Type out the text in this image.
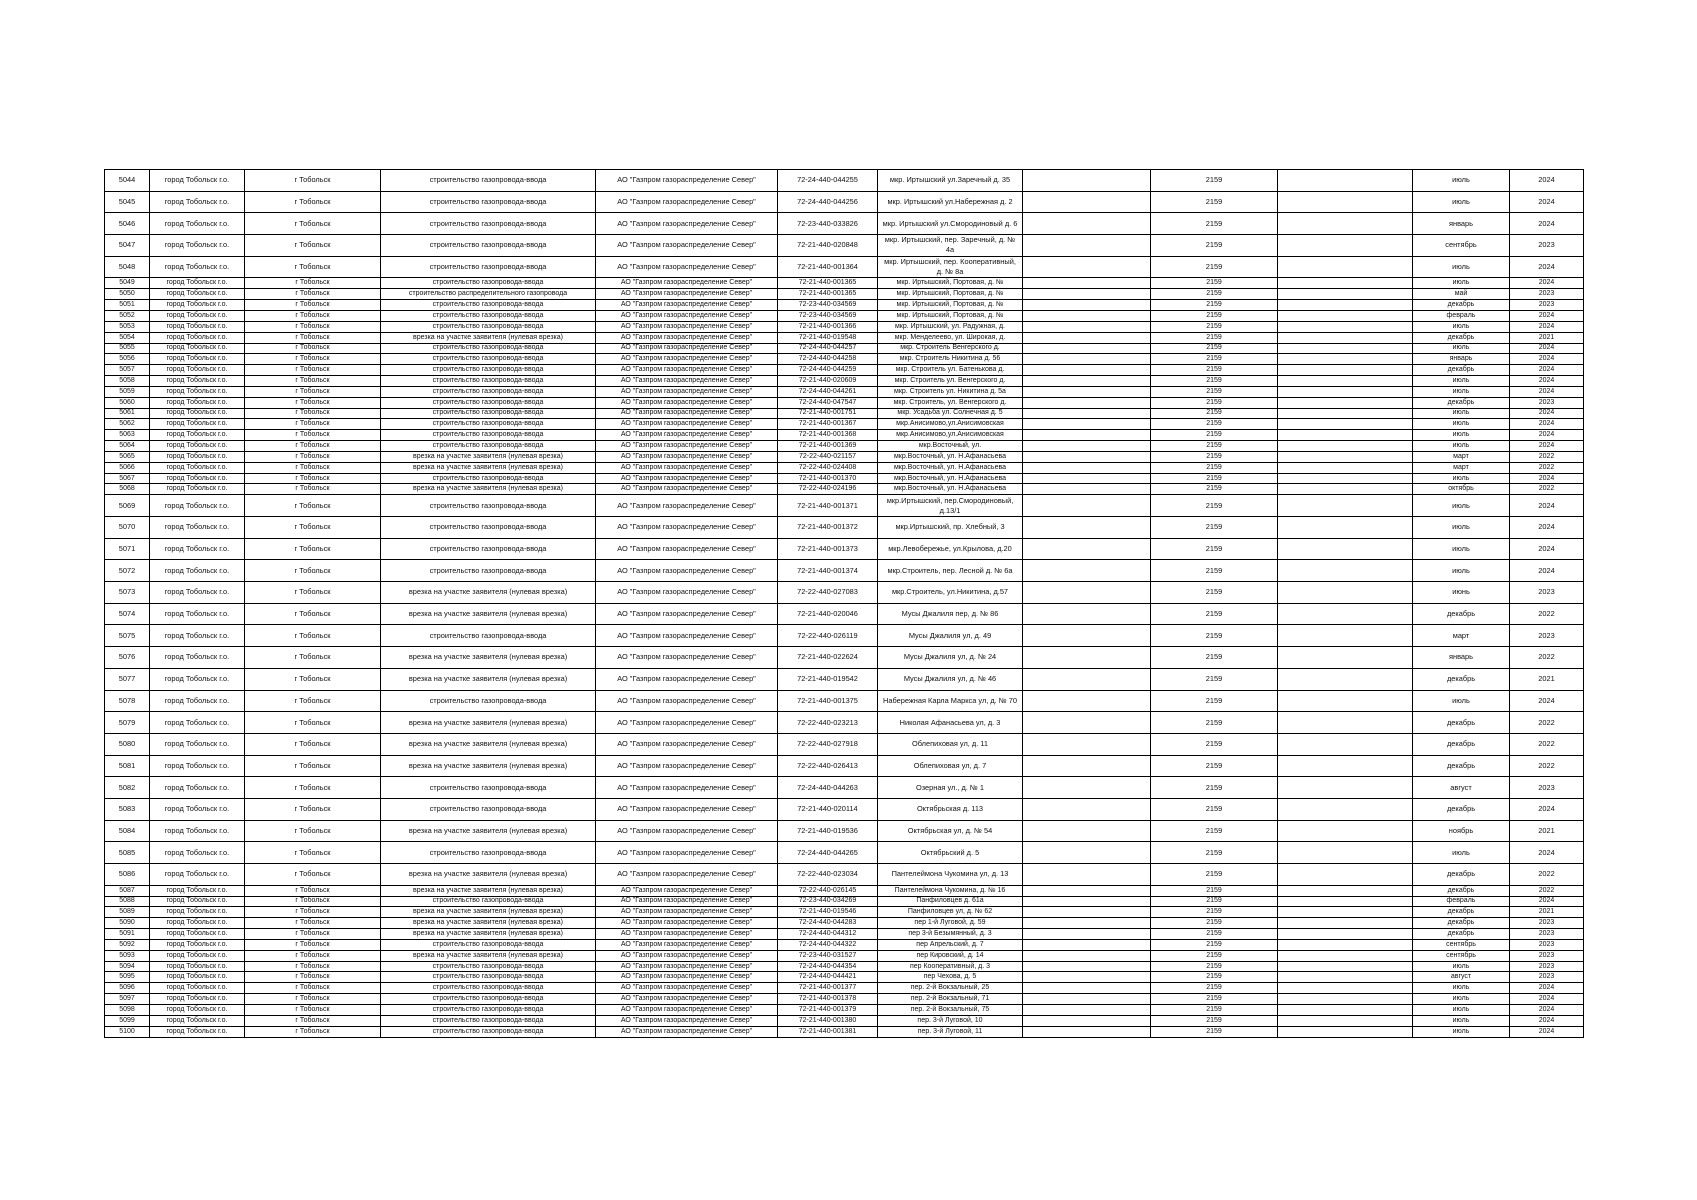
5044	город Тобольск г.о.	г Тобольск	строительство газопровода-ввода	АО "Газпром газораспределение Север"	72-24-440-044255	мкр. Иртышский ул.Заречный д. 35		2159		июль	2024
5045	город Тобольск г.о.	г Тобольск	строительство газопровода-ввода	АО "Газпром газораспределение Север"	72-24-440-044256	мкр. Иртышский ул.Набережная д. 2		2159		июль	2024
5046	город Тобольск г.о.	г Тобольск	строительство газопровода-ввода	АО "Газпром газораспределение Север"	72-23-440-033826	мкр. Иртышский ул.Смородиновый д. 6		2159		январь	2024
5047	город Тобольск г.о.	г Тобольск	строительство газопровода-ввода	АО "Газпром газораспределение Север"	72-21-440-020848	мкр. Иртышский, пер. Заречный, д. № 4а		2159		сентябрь	2023
5048	город Тобольск г.о.	г Тобольск	строительство газопровода-ввода	АО "Газпром газораспределение Север"	72-21-440-001364	мкр. Иртышский, пер. Кооперативный, д. № 8а		2159		июль	2024
5049	город Тобольск г.о.	г Тобольск	строительство газопровода-ввода	АО "Газпром газораспределение Север"	72-21-440-001365	мкр. Иртышский, Портовая, д. №		2159		июль	2024
5050	город Тобольск г.о.	г Тобольск	строительство распределительного газопровода	АО "Газпром газораспределение Север"	72-21-440-001365	мкр. Иртышский, Портовая, д. №		2159		май	2023
5051	город Тобольск г.о.	г Тобольск	строительство газопровода-ввода	АО "Газпром газораспределение Север"	72-23-440-034569	мкр. Иртышский, Портовая, д. №		2159		декабрь	2023
5052	город Тобольск г.о.	г Тобольск	строительство газопровода-ввода	АО "Газпром газораспределение Север"	72-23-440-034569	мкр. Иртышский, Портовая, д. №		2159		февраль	2024
5053	город Тобольск г.о.	г Тобольск	строительство газопровода-ввода	АО "Газпром газораспределение Север"	72-21-440-001366	мкр. Иртышский, ул. Радужная, д.		2159		июль	2024
5054	город Тобольск г.о.	г Тобольск	врезка на участке заявителя (нулевая врезка)	АО "Газпром газораспределение Север"	72-21-440-019548	мкр. Менделеево, ул. Широкая, д.		2159		декабрь	2021
5055	город Тобольск г.о.	г Тобольск	строительство газопровода-ввода	АО "Газпром газораспределение Север"	72-24-440-044257	мкр. Строитель Венгерского д.		2159		июль	2024
5056	город Тобольск г.о.	г Тобольск	строительство газопровода-ввода	АО "Газпром газораспределение Север"	72-24-440-044258	мкр. Строитель Никитина д. 56		2159		январь	2024
5057	город Тобольск г.о.	г Тобольск	строительство газопровода-ввода	АО "Газпром газораспределение Север"	72-24-440-044259	мкр. Строитель ул. Батенькова д.		2159		декабрь	2024
5058	город Тобольск г.о.	г Тобольск	строительство газопровода-ввода	АО "Газпром газораспределение Север"	72-21-440-020609	мкр. Строитель ул. Венгерского д.		2159		июль	2024
5059	город Тобольск г.о.	г Тобольск	строительство газопровода-ввода	АО "Газпром газораспределение Север"	72-24-440-044261	мкр. Строитель ул. Никитина д. 5а		2159		июль	2024
5060	город Тобольск г.о.	г Тобольск	строительство газопровода-ввода	АО "Газпром газораспределение Север"	72-24-440-047547	мкр. Строитель, ул. Венгерского д.		2159		декабрь	2023
5061	город Тобольск г.о.	г Тобольск	строительство газопровода-ввода	АО "Газпром газораспределение Север"	72-21-440-001751	мкр. Усадьба ул. Солнечная д. 5		2159		июль	2024
5062	город Тобольск г.о.	г Тобольск	строительство газопровода-ввода	АО "Газпром газораспределение Север"	72-21-440-001367	мкр.Анисимово,ул.Анисимовская		2159		июль	2024
5063	город Тобольск г.о.	г Тобольск	строительство газопровода-ввода	АО "Газпром газораспределение Север"	72-21-440-001368	мкр.Анисимово,ул.Анисимовская		2159		июль	2024
5064	город Тобольск г.о.	г Тобольск	строительство газопровода-ввода	АО "Газпром газораспределение Север"	72-21-440-001369	мкр.Восточный, ул.		2159		июль	2024
5065	город Тобольск г.о.	г Тобольск	врезка на участке заявителя (нулевая врезка)	АО "Газпром газораспределение Север"	72-22-440-021157	мкр.Восточный, ул. Н.Афанасьева		2159		март	2022
5066	город Тобольск г.о.	г Тобольск	врезка на участке заявителя (нулевая врезка)	АО "Газпром газораспределение Север"	72-22-440-024408	мкр.Восточный, ул. Н.Афанасьева		2159		март	2022
5067	город Тобольск г.о.	г Тобольск	строительство газопровода-ввода	АО "Газпром газораспределение Север"	72-21-440-001370	мкр.Восточный, ул. Н.Афанасьева		2159		июль	2024
5068	город Тобольск г.о.	г Тобольск	врезка на участке заявителя (нулевая врезка)	АО "Газпром газораспределение Север"	72-22-440-024196	мкр.Восточный, ул. Н.Афанасьева		2159		октябрь	2022
5069	город Тобольск г.о.	г Тобольск	строительство газопровода-ввода	АО "Газпром газораспределение Север"	72-21-440-001371	мкр.Иртышский, пер.Смородиновый, д.13/1		2159		июль	2024
5070	город Тобольск г.о.	г Тобольск	строительство газопровода-ввода	АО "Газпром газораспределение Север"	72-21-440-001372	мкр.Иртышский, пр. Хлебный, 3		2159		июль	2024
5071	город Тобольск г.о.	г Тобольск	строительство газопровода-ввода	АО "Газпром газораспределение Север"	72-21-440-001373	мкр.Левобережье, ул.Крылова, д.20		2159		июль	2024
5072	город Тобольск г.о.	г Тобольск	строительство газопровода-ввода	АО "Газпром газораспределение Север"	72-21-440-001374	мкр.Строитель, пер. Лесной д. № 6а		2159		июль	2024
5073	город Тобольск г.о.	г Тобольск	врезка на участке заявителя (нулевая врезка)	АО "Газпром газораспределение Север"	72-22-440-027083	мкр.Строитель, ул.Никитина, д.57		2159		июнь	2023
5074	город Тобольск г.о.	г Тобольск	врезка на участке заявителя (нулевая врезка)	АО "Газпром газораспределение Север"	72-21-440-020046	Мусы Джалиля пер, д. № 86		2159		декабрь	2022
5075	город Тобольск г.о.	г Тобольск	строительство газопровода-ввода	АО "Газпром газораспределение Север"	72-22-440-026119	Мусы Джалиля ул, д. 49		2159		март	2023
5076	город Тобольск г.о.	г Тобольск	врезка на участке заявителя (нулевая врезка)	АО "Газпром газораспределение Север"	72-21-440-022624	Мусы Джалиля ул, д. № 24		2159		январь	2022
5077	город Тобольск г.о.	г Тобольск	врезка на участке заявителя (нулевая врезка)	АО "Газпром газораспределение Север"	72-21-440-019542	Мусы Джалиля ул, д. № 46		2159		декабрь	2021
5078	город Тобольск г.о.	г Тобольск	строительство газопровода-ввода	АО "Газпром газораспределение Север"	72-21-440-001375	Набережная Карла Маркса ул, д. № 70		2159		июль	2024
5079	город Тобольск г.о.	г Тобольск	врезка на участке заявителя (нулевая врезка)	АО "Газпром газораспределение Север"	72-22-440-023213	Николая Афанасьева ул, д. 3		2159		декабрь	2022
5080	город Тобольск г.о.	г Тобольск	врезка на участке заявителя (нулевая врезка)	АО "Газпром газораспределение Север"	72-22-440-027918	Облепиховая ул, д. 11		2159		декабрь	2022
5081	город Тобольск г.о.	г Тобольск	врезка на участке заявителя (нулевая врезка)	АО "Газпром газораспределение Север"	72-22-440-026413	Облепиховая ул, д. 7		2159		декабрь	2022
5082	город Тобольск г.о.	г Тобольск	строительство газопровода-ввода	АО "Газпром газораспределение Север"	72-24-440-044263	Озерная ул., д. № 1		2159		август	2023
5083	город Тобольск г.о.	г Тобольск	строительство газопровода-ввода	АО "Газпром газораспределение Север"	72-21-440-020114	Октябрьская д. 113		2159		декабрь	2024
5084	город Тобольск г.о.	г Тобольск	врезка на участке заявителя (нулевая врезка)	АО "Газпром газораспределение Север"	72-21-440-019536	Октябрьская ул, д. № 54		2159		ноябрь	2021
5085	город Тобольск г.о.	г Тобольск	строительство газопровода-ввода	АО "Газпром газораспределение Север"	72-24-440-044265	Октябрьский д. 5		2159		июль	2024
5086	город Тобольск г.о.	г Тобольск	врезка на участке заявителя (нулевая врезка)	АО "Газпром газораспределение Север"	72-22-440-023034	Пантелеймона Чукомина ул, д. 13		2159		декабрь	2022
5087	город Тобольск г.о.	г Тобольск	врезка на участке заявителя (нулевая врезка)	АО "Газпром газораспределение Север"	72-22-440-026145	Пантелеймона Чукомина, д. № 16		2159		декабрь	2022
5088	город Тобольск г.о.	г Тобольск	строительство газопровода-ввода	АО "Газпром газораспределение Север"	72-23-440-034269	Панфиловцев д. 61а		2159		февраль	2024
5089	город Тобольск г.о.	г Тобольск	врезка на участке заявителя (нулевая врезка)	АО "Газпром газораспределение Север"	72-21-440-019546	Панфиловцев ул, д. № 62		2159		декабрь	2021
5090	город Тобольск г.о.	г Тобольск	врезка на участке заявителя (нулевая врезка)	АО "Газпром газораспределение Север"	72-24-440-044283	пер 1-й Луговой, д. 59		2159		декабрь	2023
5091	город Тобольск г.о.	г Тобольск	врезка на участке заявителя (нулевая врезка)	АО "Газпром газораспределение Север"	72-24-440-044312	пер 3-й Безымянный, д. 3		2159		декабрь	2023
5092	город Тобольск г.о.	г Тобольск	строительство газопровода-ввода	АО "Газпром газораспределение Север"	72-24-440-044322	пер Апрельский, д. 7		2159		сентябрь	2023
5093	город Тобольск г.о.	г Тобольск	врезка на участке заявителя (нулевая врезка)	АО "Газпром газораспределение Север"	72-23-440-031527	пер Кировский, д. 14		2159		сентябрь	2023
5094	город Тобольск г.о.	г Тобольск	строительство газопровода-ввода	АО "Газпром газораспределение Север"	72-24-440-044354	пер Кооперативный, д. 3		2159		июль	2023
5095	город Тобольск г.о.	г Тобольск	строительство газопровода-ввода	АО "Газпром газораспределение Север"	72-24-440-044421	пер Чехова, д. 5		2159		август	2023
5096	город Тобольск г.о.	г Тобольск	строительство газопровода-ввода	АО "Газпром газораспределение Север"	72-21-440-001377	пер. 2-й Вокзальный, 25		2159		июль	2024
5097	город Тобольск г.о.	г Тобольск	строительство газопровода-ввода	АО "Газпром газораспределение Север"	72-21-440-001378	пер. 2-й Вокзальный, 71		2159		июль	2024
5098	город Тобольск г.о.	г Тобольск	строительство газопровода-ввода	АО "Газпром газораспределение Север"	72-21-440-001379	пер. 2-й Вокзальный, 75		2159		июль	2024
5099	город Тобольск г.о.	г Тобольск	строительство газопровода-ввода	АО "Газпром газораспределение Север"	72-21-440-001380	пер. 3-й Луговой, 10		2159		июль	2024
5100	город Тобольск г.о.	г Тобольск	строительство газопровода-ввода	АО "Газпром газораспределение Север"	72-21-440-001381	пер. 3-й Луговой, 11		2159		июль	2024
